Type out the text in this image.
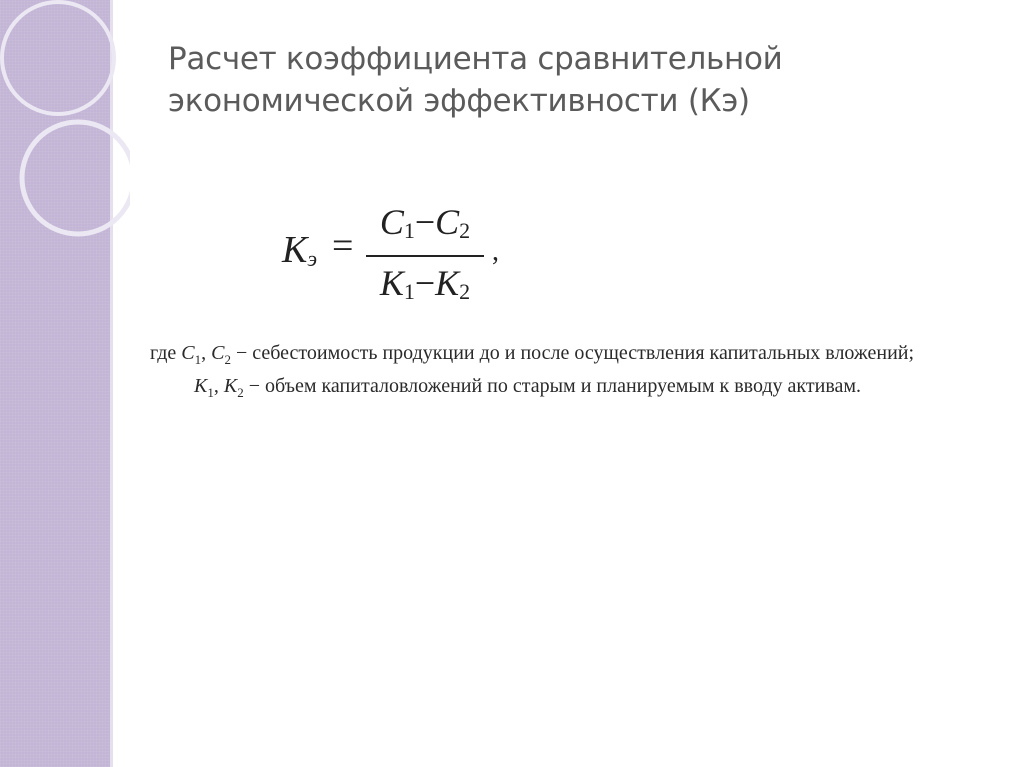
Расчет коэффициента сравнительной экономической эффективности (Кэ)
$K_э$ =
$C_1-C_2$
$K_1-K_2$
,

где $C_1$, $C_2$ − себестоимость продукции до и после осуществления капитальных вложений;

$K_1$, $K_2$ − объем капиталовложений по старым и планируемым к вводу активам.
